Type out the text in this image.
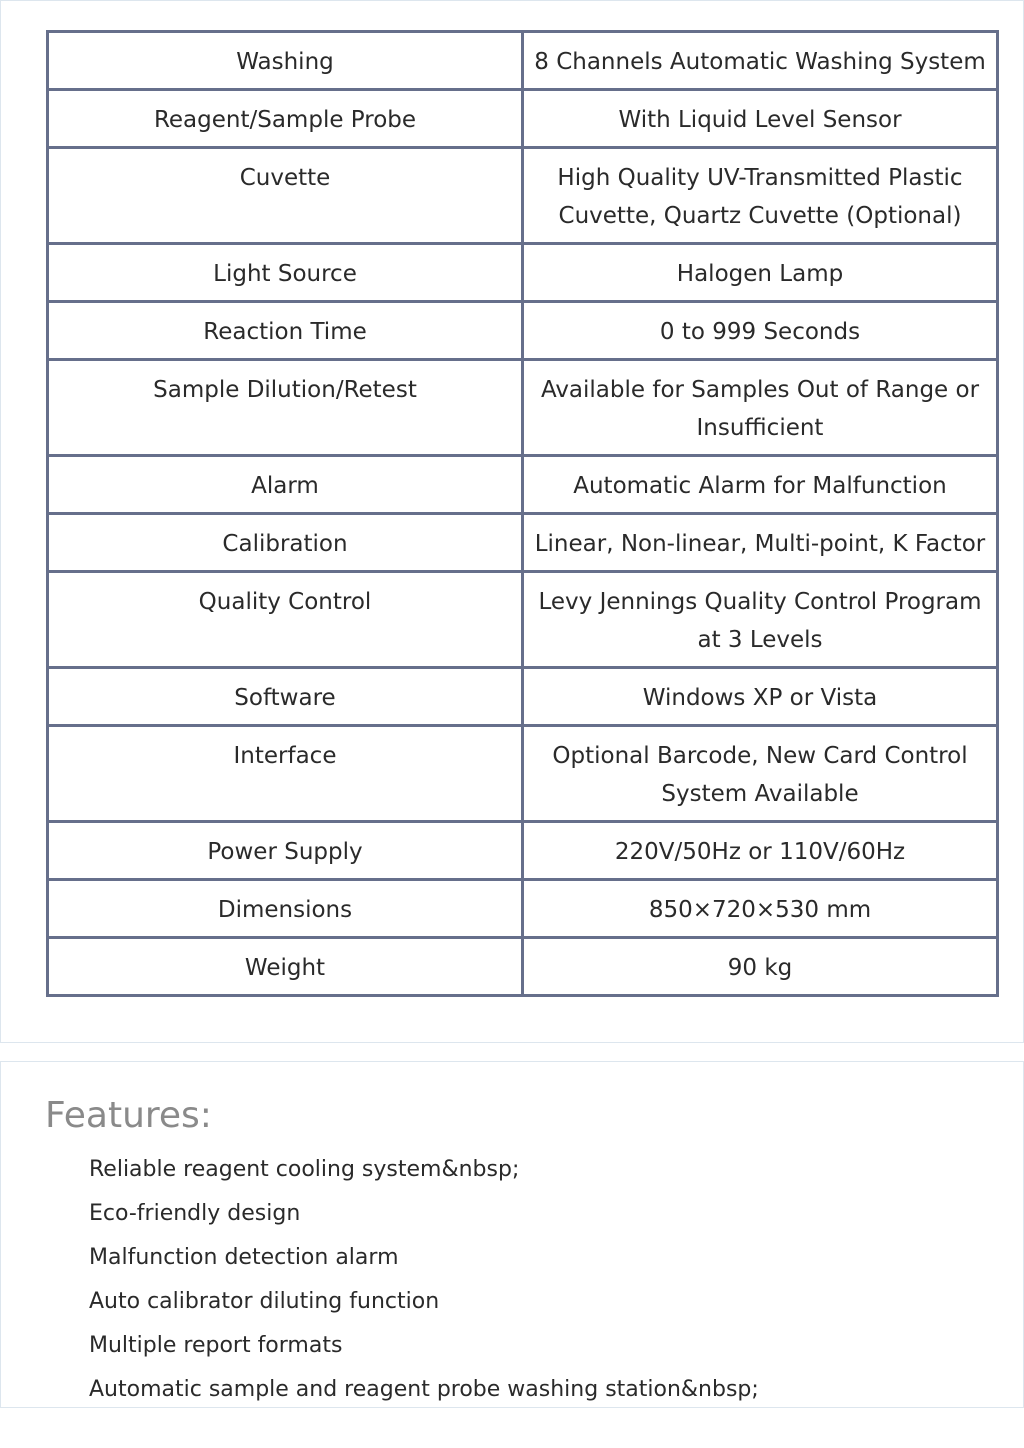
Washing	8 Channels Automatic Washing System
Reagent/Sample Probe	With Liquid Level Sensor
Cuvette	High Quality UV-Transmitted Plastic Cuvette, Quartz Cuvette (Optional)
Light Source	Halogen Lamp
Reaction Time	0 to 999 Seconds
Sample Dilution/Retest	Available for Samples Out of Range or Insufficient
Alarm	Automatic Alarm for Malfunction
Calibration	Linear, Non-linear, Multi-point, K Factor
Quality Control	Levy Jennings Quality Control Program at 3 Levels
Software	Windows XP or Vista
Interface	Optional Barcode, New Card Control System Available
Power Supply	220V/50Hz or 110V/60Hz
Dimensions	850×720×530 mm
Weight	90 kg
Features:
Reliable reagent cooling system&nbsp;
Eco-friendly design
Malfunction detection alarm
Auto calibrator diluting function
Multiple report formats
Automatic sample and reagent probe washing station&nbsp;
